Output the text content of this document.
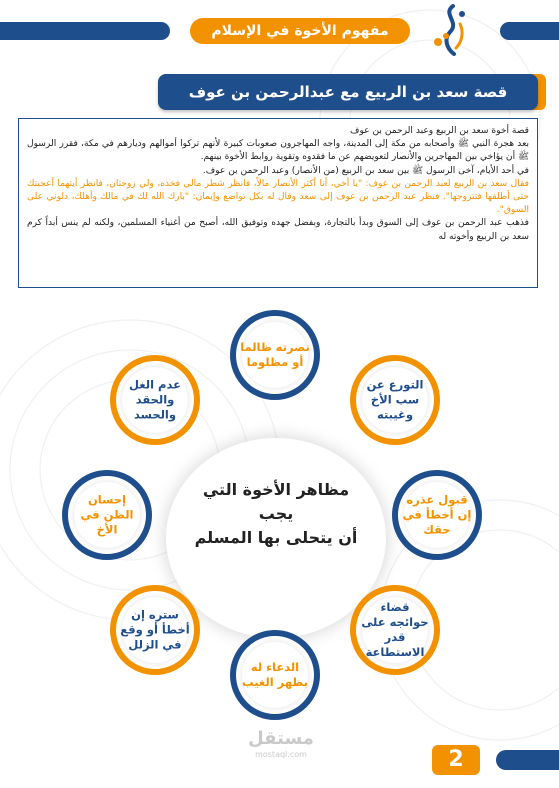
مفهوم الأخوة في الإسلام
قصة سعد بن الربيع مع عبدالرحمن بن عوف

قصة أخوة سعد بن الربيع وعبد الرحمن بن عوف

بعد هجرة النبي ﷺ وأصحابه من مكة إلى المدينة، واجه المهاجرون صعوبات كبيرة لأنهم تركوا أموالهم وديارهم في مكة، فقرر الرسول ﷺ أن يؤاخي بين المهاجرين والأنصار لتعويضهم عن ما فقدوه وتقوية روابط الأخوة بينهم.

في أحد الأيام، آخى الرسول ﷺ بين سعد بن الربيع (من الأنصار) وعبد الرحمن بن عوف.

فقال سعد بن الربيع لعبد الرحمن بن عوف: "يا أخي، أنا أكثر الأنصار مالاً، فانظر شطر مالي فخذه، ولي زوجتان، فانظر أيتهما أعجبتك حتى أطلقها فتتزوجها". فنظر عبد الرحمن بن عوف إلى سعد وقال له بكل تواضع وإيمان: "بارك الله لك في مالك وأهلك، دلوني على السوق".

فذهب عبد الرحمن بن عوف إلى السوق وبدأ بالتجارة، وبفضل جهده وتوفيق الله، أصبح من أغنياء المسلمين، ولكنه لم ينس أبداً كرم سعد بن الربيع وأخوته له

مظاهر الأخوة التي
يجب
أن يتحلى بها المسلم
نصرته ظالما أو مظلوما
التورع عن سب الأخ وغيبته
قبول عذره إن أخطأ في حقك
قضاء حوائجه على قدر الاستطاعة
الدعاء له بظهر الغيب
ستره إن أخطأ أو وقع في الزلل
إحسان الظن في الأخ
عدم الغل والحقد والحسد
مستقل
mostaql.com	2
